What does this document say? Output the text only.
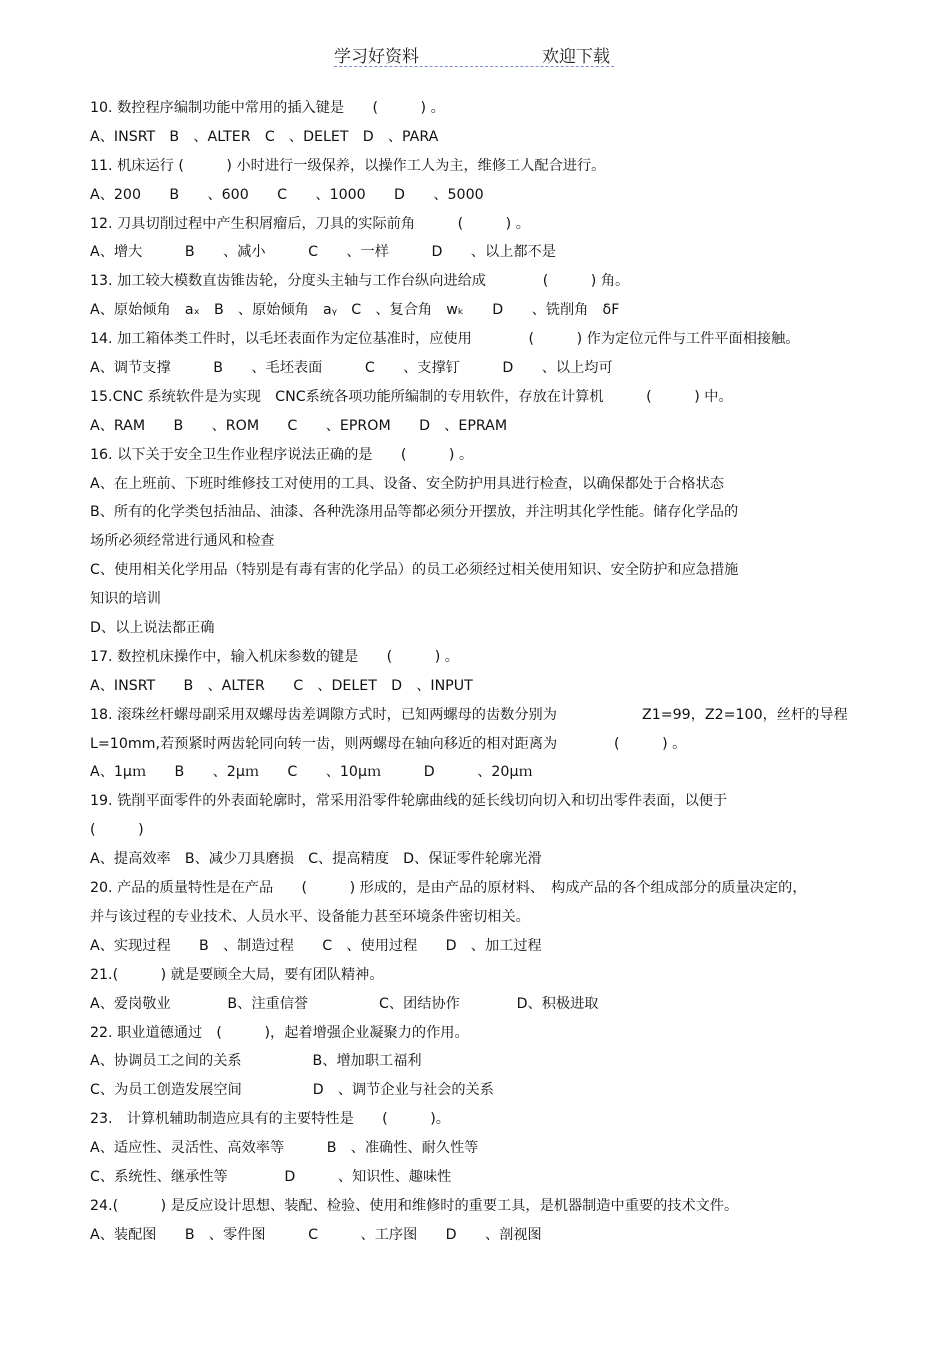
学习好资料	欢迎下载
10. 数控程序编制功能中常用的插入键是　　(　　　) 。
A、INSRT　B　、ALTER　C　、DELET　D　、PARA
11. 机床运行 (　　　) 小时进行一级保养，以操作工人为主，维修工人配合进行。
A、200　　B　　、600　　C　　、1000　　D　　、5000
12. 刀具切削过程中产生积屑瘤后，刀具的实际前角　　　(　　　) 。
A、增大　　　B　　、减小　　　C　　、一样　　　D　　、以上都不是
13. 加工较大模数直齿锥齿轮，分度头主轴与工作台纵向进给成　　　　(　　　) 角。
A、原始倾角　aₓ　B　、原始倾角　aᵧ　C　、复合角　wₖ　　D　　、铣削角　δF
14. 加工箱体类工件时，以毛坯表面作为定位基准时，应使用　　　　(　　　) 作为定位元件与工件平面相接触。
A、调节支撑　　　B　　、毛坯表面　　　C　　、支撑钉　　　D　　、以上均可
15.CNC 系统软件是为实现　CNC系统各项功能所编制的专用软件，存放在计算机　　　(　　　) 中。
A、RAM　　B　　、ROM　　C　　、EPROM　　D　、EPRAM
16. 以下关于安全卫生作业程序说法正确的是　　(　　　) 。
A、在上班前、下班时维修技工对使用的工具、设备、安全防护用具进行检查，以确保都处于合格状态
B、所有的化学类包括油品、油漆、各种洗涤用品等都必须分开摆放，并注明其化学性能。储存化学品的
场所必须经常进行通风和检查
C、使用相关化学用品（特别是有毒有害的化学品）的员工必须经过相关使用知识、安全防护和应急措施
知识的培训
D、以上说法都正确
17. 数控机床操作中，输入机床参数的键是　　(　　　) 。
A、INSRT　　B　、ALTER　　C　、DELET　D　、INPUT
18. 滚珠丝杆螺母副采用双螺母齿差调隙方式时，已知两螺母的齿数分别为　　　　　　Z1=99，Z2=100，丝杆的导程
L=10mm,若预紧时两齿轮同向转一齿，则两螺母在轴向移近的相对距离为　　　　(　　　) 。
A、1μｍ　　B　　、2μｍ　　C　　、10μｍ　　　D　　　、20μｍ
19. 铣削平面零件的外表面轮廓时，常采用沿零件轮廓曲线的延长线切向切入和切出零件表面，以便于
(　　　)
A、提高效率　B、减少刀具磨损　C、提高精度　D、保证零件轮廓光滑
20. 产品的质量特性是在产品　　(　　　) 形成的，是由产品的原材料、　构成产品的各个组成部分的质量决定的，
并与该过程的专业技术、人员水平、设备能力甚至环境条件密切相关。
A、实现过程　　B　、制造过程　　C　、使用过程　　D　、加工过程
21.(　　　) 就是要顾全大局，要有团队精神。
A、爱岗敬业　　　　B、注重信誉　　　　　C、团结协作　　　　D、积极进取
22. 职业道德通过　(　　　)，起着增强企业凝聚力的作用。
A、协调员工之间的关系　　　　　B、增加职工福利
C、为员工创造发展空间　　　　　D　、调节企业与社会的关系
23.　计算机辅助制造应具有的主要特性是　　(　　　)。
A、适应性、灵活性、高效率等　　　B　、准确性、耐久性等
C、系统性、继承性等　　　　D　　　、知识性、趣味性
24.(　　　) 是反应设计思想、装配、检验、使用和维修时的重要工具，是机器制造中重要的技术文件。
A、装配图　　B　、零件图　　　C　　　、工序图　　D　　、剖视图
